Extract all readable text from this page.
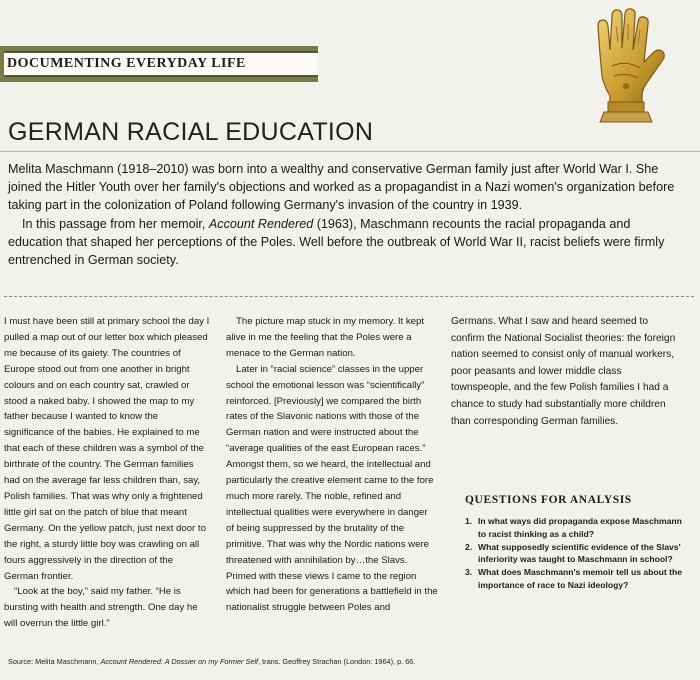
DOCUMENTING EVERYDAY LIFE
GERMAN RACIAL EDUCATION

Melita Maschmann (1918–2010) was born into a wealthy and conservative German family just after World War I. She joined the Hitler Youth over her family's objections and worked as a propagandist in a Nazi women's organization before taking part in the colonization of Poland following Germany's invasion of the country in 1939.

In this passage from her memoir, Account Rendered (1963), Maschmann recounts the racial propaganda and education that shaped her perceptions of the Poles. Well before the outbreak of World War II, racist beliefs were firmly entrenched in German society.

I must have been still at primary school the day I pulled a map out of our letter box which pleased me because of its gaiety. The countries of Europe stood out from one another in bright colours and on each country sat, crawled or stood a naked baby. I showed the map to my father because I wanted to know the significance of the babies. He explained to me that each of these children was a symbol of the birthrate of the country. The German families had on the average far less children than, say, Polish families. That was why only a frightened little girl sat on the patch of blue that meant Germany. On the yellow patch, just next door to the right, a sturdy little boy was crawling on all fours aggressively in the direction of the German frontier.

“Look at the boy,” said my father. “He is bursting with health and strength. One day he will overrun the little girl.”

The picture map stuck in my memory. It kept alive in me the feeling that the Poles were a menace to the German nation.

Later in “racial science” classes in the upper school the emotional lesson was “scientifically” reinforced. [Previously] we compared the birth rates of the Slavonic nations with those of the German nation and were instructed about the “average qualities of the east European races.” Amongst them, so we heard, the intellectual and particularly the creative element came to the fore much more rarely. The noble, refined and intellectual qualities were everywhere in danger of being suppressed by the brutality of the primitive. That was why the Nordic nations were threatened with annihilation by…the Slavs. Primed with these views I came to the region which had been for generations a battlefield in the nationalist struggle between Poles and

Germans. What I saw and heard seemed to confirm the National Socialist theories: the foreign nation seemed to consist only of manual workers, poor peasants and lower middle class townspeople, and the few Polish families I had a chance to study had substantially more children than corresponding German families.

QUESTIONS FOR ANALYSIS
1. In what ways did propaganda expose Maschmann to racist thinking as a child?
2. What supposedly scientific evidence of the Slavs' inferiority was taught to Maschmann in school?
3. What does Maschmann's memoir tell us about the importance of race to Nazi ideology?
Source: Melita Maschmann, Account Rendered: A Dossier on my Former Self, trans. Geoffrey Strachan (London: 1964), p. 66.
